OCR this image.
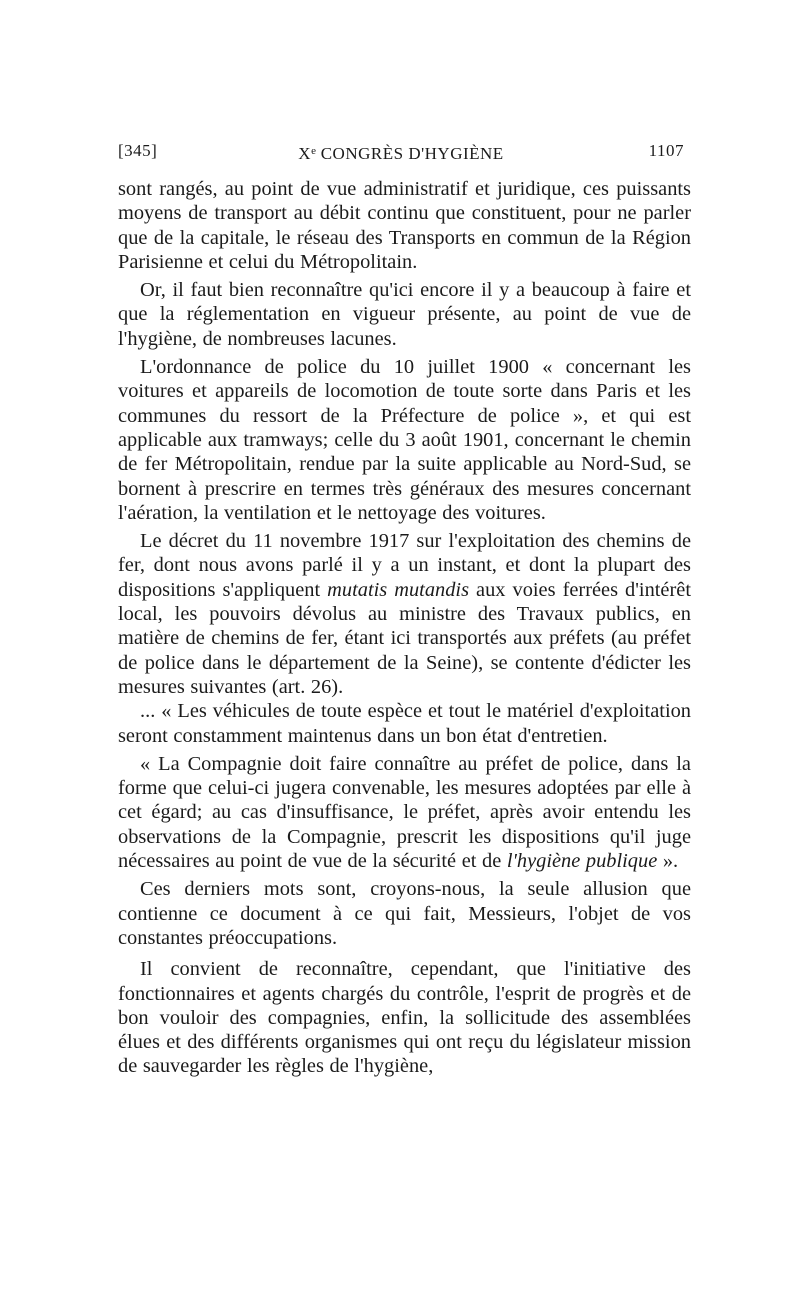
[345]	Xe CONGRÈS D'HYGIÈNE	1107

sont rangés, au point de vue administratif et juridique, ces puissants moyens de transport au débit continu que constituent, pour ne parler que de la capitale, le réseau des Transports en commun de la Région Parisienne et celui du Métropolitain.

Or, il faut bien reconnaître qu'ici encore il y a beaucoup à faire et que la réglementation en vigueur présente, au point de vue de l'hygiène, de nombreuses lacunes.

L'ordonnance de police du 10 juillet 1900 « concernant les voitures et appareils de locomotion de toute sorte dans Paris et les communes du ressort de la Préfecture de police », et qui est applicable aux tramways; celle du 3 août 1901, concernant le chemin de fer Métropolitain, rendue par la suite applicable au Nord-Sud, se bornent à prescrire en termes très généraux des mesures concernant l'aération, la ventilation et le nettoyage des voitures.

Le décret du 11 novembre 1917 sur l'exploitation des chemins de fer, dont nous avons parlé il y a un instant, et dont la plupart des dispositions s'appliquent mutatis mutandis aux voies ferrées d'intérêt local, les pouvoirs dévolus au ministre des Travaux publics, en matière de chemins de fer, étant ici transportés aux préfets (au préfet de police dans le département de la Seine), se contente d'édicter les mesures suivantes (art. 26).

... « Les véhicules de toute espèce et tout le matériel d'exploitation seront constamment maintenus dans un bon état d'entretien.

« La Compagnie doit faire connaître au préfet de police, dans la forme que celui-ci jugera convenable, les mesures adoptées par elle à cet égard; au cas d'insuffisance, le préfet, après avoir entendu les observations de la Compagnie, prescrit les dispositions qu'il juge nécessaires au point de vue de la sécurité et de l'hygiène publique ».

Ces derniers mots sont, croyons-nous, la seule allusion que contienne ce document à ce qui fait, Messieurs, l'objet de vos constantes préoccupations.

Il convient de reconnaître, cependant, que l'initiative des fonctionnaires et agents chargés du contrôle, l'esprit de progrès et de bon vouloir des compagnies, enfin, la sollicitude des assemblées élues et des différents organismes qui ont reçu du législateur mission de sauvegarder les règles de l'hygiène,
